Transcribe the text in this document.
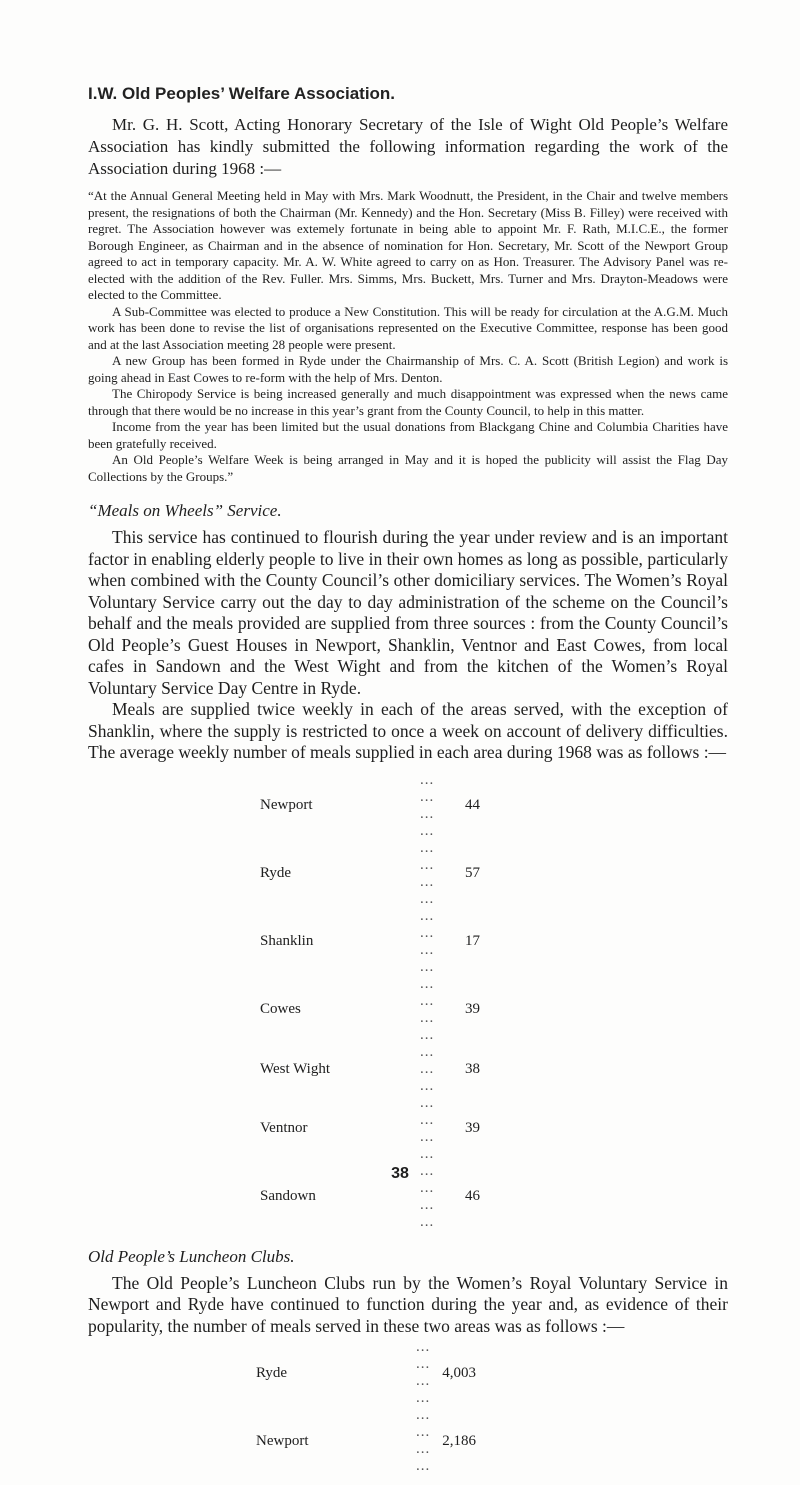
I.W. Old Peoples’ Welfare Association.

Mr. G. H. Scott, Acting Honorary Secretary of the Isle of Wight Old People’s Welfare Association has kindly submitted the following information regarding the work of the Association during 1968 :—

“At the Annual General Meeting held in May with Mrs. Mark Woodnutt, the President, in the Chair and twelve members present, the resignations of both the Chairman (Mr. Kennedy) and the Hon. Secretary (Miss B. Filley) were received with regret. The Association however was extemely fortunate in being able to appoint Mr. F. Rath, M.I.C.E., the former Borough Engineer, as Chairman and in the absence of nomination for Hon. Secretary, Mr. Scott of the Newport Group agreed to act in temporary capacity. Mr. A. W. White agreed to carry on as Hon. Treasurer. The Advisory Panel was re-elected with the addition of the Rev. Fuller. Mrs. Simms, Mrs. Buckett, Mrs. Turner and Mrs. Drayton-Meadows were elected to the Committee.

A Sub-Committee was elected to produce a New Constitution. This will be ready for circulation at the A.G.M. Much work has been done to revise the list of organisations represented on the Executive Committee, response has been good and at the last Association meeting 28 people were present.

A new Group has been formed in Ryde under the Chairmanship of Mrs. C. A. Scott (British Legion) and work is going ahead in East Cowes to re-form with the help of Mrs. Denton.

The Chiropody Service is being increased generally and much disappointment was expressed when the news came through that there would be no increase in this year’s grant from the County Council, to help in this matter.

Income from the year has been limited but the usual donations from Blackgang Chine and Columbia Charities have been gratefully received.

An Old People’s Welfare Week is being arranged in May and it is hoped the publicity will assist the Flag Day Collections by the Groups.”

“Meals on Wheels” Service.

This service has continued to flourish during the year under review and is an important factor in enabling elderly people to live in their own homes as long as possible, particularly when combined with the County Council’s other domiciliary services. The Women’s Royal Voluntary Service carry out the day to day administration of the scheme on the Council’s behalf and the meals provided are supplied from three sources : from the County Council’s Old People’s Guest Houses in Newport, Shanklin, Ventnor and East Cowes, from local cafes in Sandown and the West Wight and from the kitchen of the Women’s Royal Voluntary Service Day Centre in Ryde.

Meals are supplied twice weekly in each of the areas served, with the exception of Shanklin, where the supply is restricted to once a week on account of delivery difficulties. The average weekly number of meals supplied in each area during 1968 was as follows :—

Newport	... ... ... ...	44
Ryde	... ... ... ...	57
Shanklin	... ... ... ...	17
Cowes	... ... ... ...	39
West Wight	... ... ...	38
Ventnor	... ... ... ...	39
Sandown	... ... ... ...	46
Old People’s Luncheon Clubs.

The Old People’s Luncheon Clubs run by the Women’s Royal Voluntary Service in Newport and Ryde have continued to function during the year and, as evidence of their popularity, the number of meals served in these two areas was as follows :—

Ryde	... ... ... ...	4,003
Newport	... ... ... ...	2,186
38
